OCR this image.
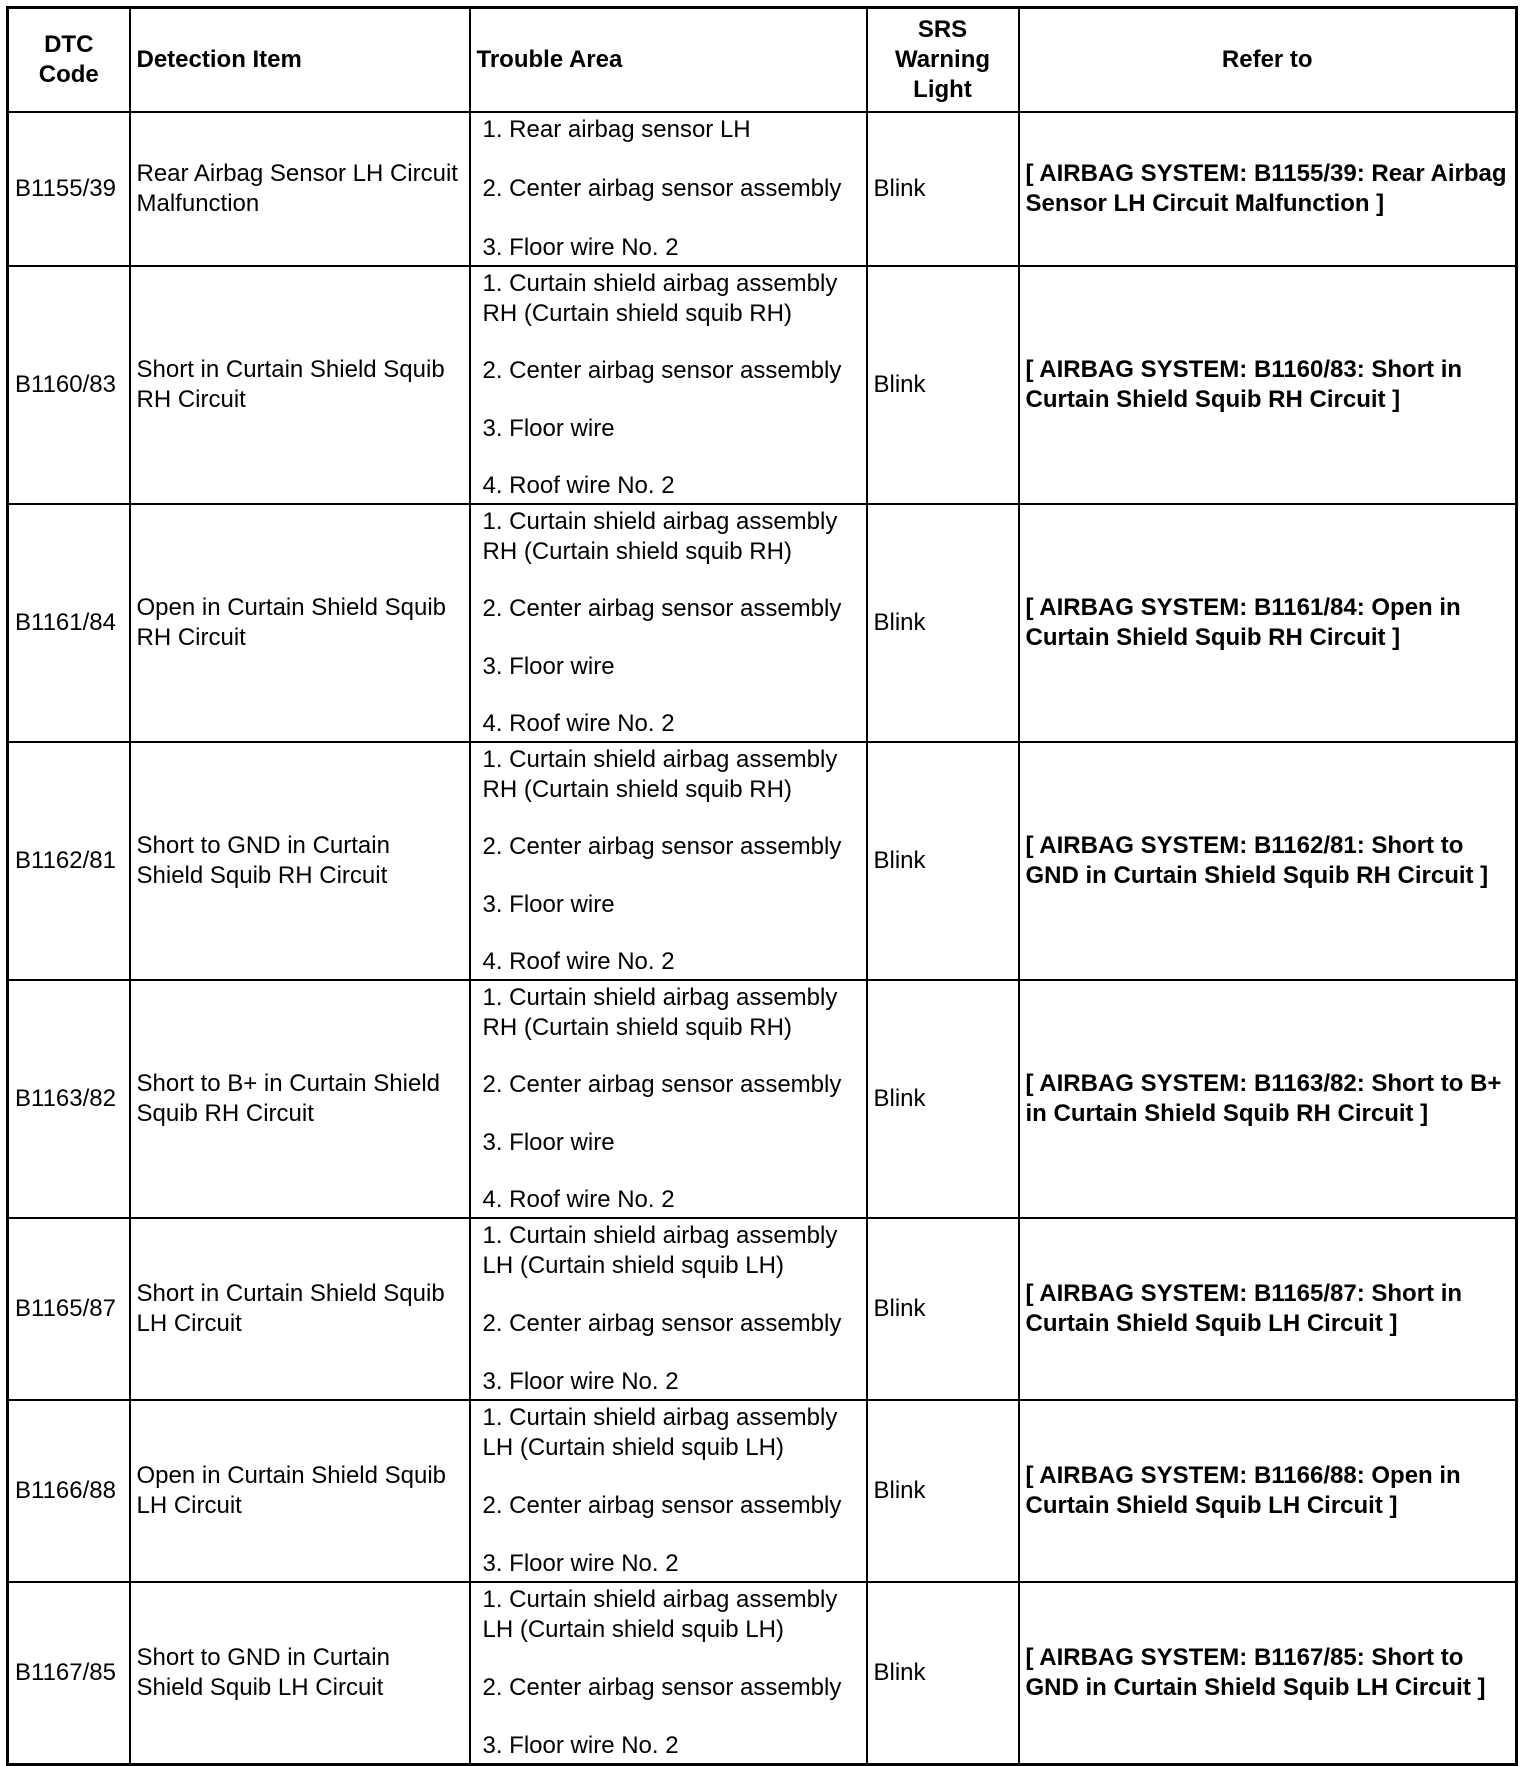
DTC Code	Detection Item	Trouble Area	SRS Warning Light	Refer to
B1155/39	Rear Airbag Sensor LH Circuit Malfunction	1. Rear airbag sensor LH
2. Center airbag sensor assembly
3. Floor wire No. 2	Blink	[ AIRBAG SYSTEM: B1155/39: Rear Airbag Sensor LH Circuit Malfunction ]
B1160/83	Short in Curtain Shield Squib RH Circuit	1. Curtain shield airbag assembly RH (Curtain shield squib RH)
2. Center airbag sensor assembly
3. Floor wire
4. Roof wire No. 2	Blink	[ AIRBAG SYSTEM: B1160/83: Short in Curtain Shield Squib RH Circuit ]
B1161/84	Open in Curtain Shield Squib RH Circuit	1. Curtain shield airbag assembly RH (Curtain shield squib RH)
2. Center airbag sensor assembly
3. Floor wire
4. Roof wire No. 2	Blink	[ AIRBAG SYSTEM: B1161/84: Open in Curtain Shield Squib RH Circuit ]
B1162/81	Short to GND in Curtain Shield Squib RH Circuit	1. Curtain shield airbag assembly RH (Curtain shield squib RH)
2. Center airbag sensor assembly
3. Floor wire
4. Roof wire No. 2	Blink	[ AIRBAG SYSTEM: B1162/81: Short to GND in Curtain Shield Squib RH Circuit ]
B1163/82	Short to B+ in Curtain Shield Squib RH Circuit	1. Curtain shield airbag assembly RH (Curtain shield squib RH)
2. Center airbag sensor assembly
3. Floor wire
4. Roof wire No. 2	Blink	[ AIRBAG SYSTEM: B1163/82: Short to B+ in Curtain Shield Squib RH Circuit ]
B1165/87	Short in Curtain Shield Squib LH Circuit	1. Curtain shield airbag assembly LH (Curtain shield squib LH)
2. Center airbag sensor assembly
3. Floor wire No. 2	Blink	[ AIRBAG SYSTEM: B1165/87: Short in Curtain Shield Squib LH Circuit ]
B1166/88	Open in Curtain Shield Squib LH Circuit	1. Curtain shield airbag assembly LH (Curtain shield squib LH)
2. Center airbag sensor assembly
3. Floor wire No. 2	Blink	[ AIRBAG SYSTEM: B1166/88: Open in Curtain Shield Squib LH Circuit ]
B1167/85	Short to GND in Curtain Shield Squib LH Circuit	1. Curtain shield airbag assembly LH (Curtain shield squib LH)
2. Center airbag sensor assembly
3. Floor wire No. 2	Blink	[ AIRBAG SYSTEM: B1167/85: Short to GND in Curtain Shield Squib LH Circuit ]
